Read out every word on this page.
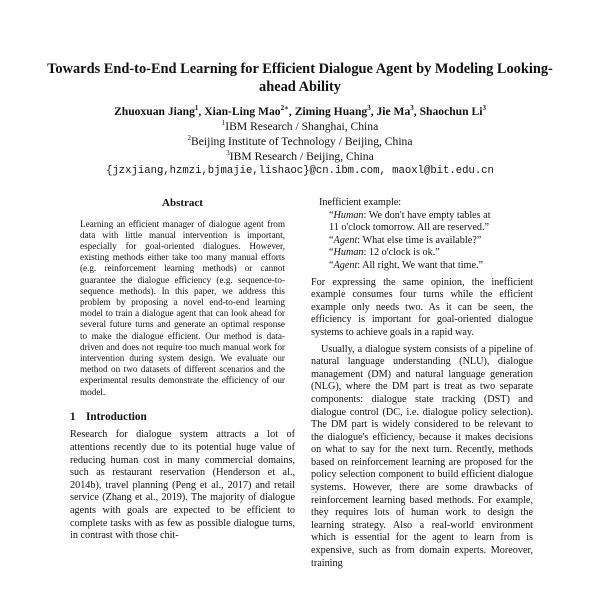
Towards End-to-End Learning for Efficient Dialogue Agent by Modeling Looking-ahead Ability
Zhuoxuan Jiang$^1$, Xian-Ling Mao$^{2∗}$, Ziming Huang$^3$, Jie Ma$^3$, Shaochun Li$^3$
$^1$IBM Research / Shanghai, China
$^2$Beijing Institute of Technology / Beijing, China
$^3$IBM Research / Beijing, China
{jzxjiang,hzmzi,bjmajie,lishaoc}@cn.ibm.com, maoxl@bit.edu.cn
Abstract
Learning an efficient manager of dialogue agent from data with little manual intervention is important, especially for goal-oriented dialogues. However, existing methods either take too many manual efforts (e.g. reinforcement learning methods) or cannot guarantee the dialogue efficiency (e.g. sequence-to-sequence methods). In this paper, we address this problem by proposing a novel end-to-end learning model to train a dialogue agent that can look ahead for several future turns and generate an optimal response to make the dialogue efficient. Our method is data-driven and does not require too much manual work for intervention during system design. We evaluate our method on two datasets of different scenarios and the experimental results demonstrate the efficiency of our model.
1 Introduction

Research for dialogue system attracts a lot of attentions recently due to its potential huge value of reducing human cost in many commercial domains, such as restaurant reservation (Henderson et al., 2014b), travel planning (Peng et al., 2017) and retail service (Zhang et al., 2019). The majority of dialogue agents with goals are expected to be efficient to complete tasks with as few as possible dialogue turns, in contrast with those chit-

Inefficient example:
“Human: We don't have empty tables at
11 o'clock tomorrow. All are reserved.”
“Agent: What else time is available?”
“Human: 12 o'clock is ok.”
“Agent: All right. We want that time.”

For expressing the same opinion, the inefficient example consumes four turns while the efficient example only needs two. As it can be seen, the efficiency is important for goal-oriented dialogue systems to achieve goals in a rapid way.

Usually, a dialogue system consists of a pipeline of natural language understanding (NLU), dialogue management (DM) and natural language generation (NLG), where the DM part is treat as two separate components: dialogue state tracking (DST) and dialogue control (DC, i.e. dialogue policy selection). The DM part is widely considered to be relevant to the dialogue's efficiency, because it makes decisions on what to say for the next turn. Recently, methods based on reinforcement learning are proposed for the policy selection component to build efficient dialogue systems. However, there are some drawbacks of reinforcement learning based methods. For example, they requires lots of human work to design the learning strategy. Also a real-world environment which is essential for the agent to learn from is expensive, such as from domain experts. Moreover, training
